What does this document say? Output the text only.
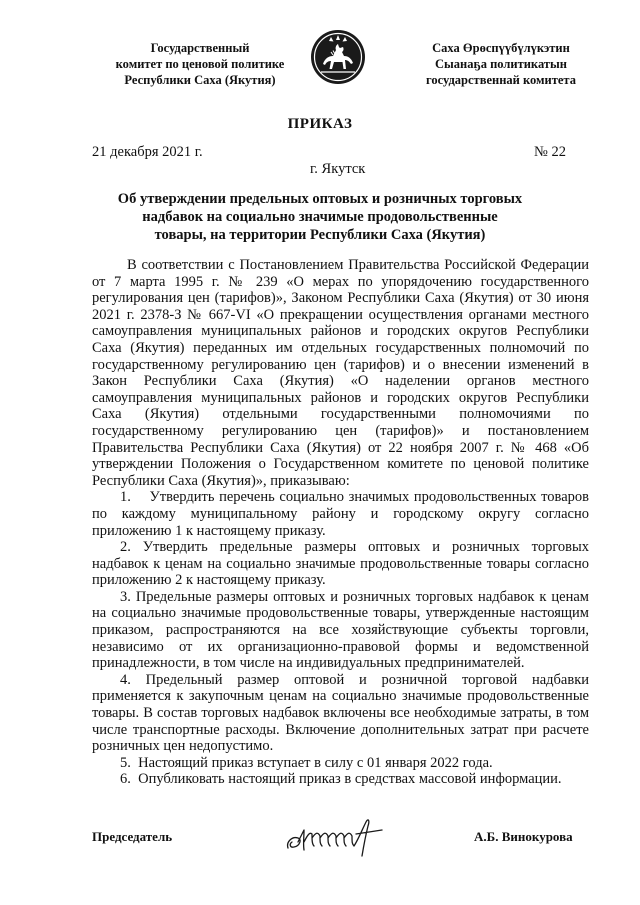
Государственный
комитет по ценовой политике
Республики Саха (Якутия)
Саха Өрөспүүбүлүкэтин
Сыанаҕа политикатын
государственнай комитета
ПРИКАЗ
21 декабря 2021 г.	№ 22
г. Якутск
Об утверждении предельных оптовых и розничных торговых
надбавок на социально значимые продовольственные
товары, на территории Республики Саха (Якутия)

В соответствии с Постановлением Правительства Российской Федерации от 7 марта 1995 г. № 239 «О мерах по упорядочению государственного регулирования цен (тарифов)», Законом Республики Саха (Якутия) от 30 июня 2021 г. 2378-З № 667-VI «О прекращении осуществления органами местного самоуправления муниципальных районов и городских округов Республики Саха (Якутия) переданных им отдельных государственных полномочий по государственному регулированию цен (тарифов) и о внесении изменений в Закон Республики Саха (Якутия) «О наделении органов местного самоуправления муниципальных районов и городских округов Республики Саха (Якутия) отдельными государственными полномочиями по государственному регулированию цен (тарифов)» и постановлением Правительства Республики Саха (Якутия) от 22 ноября 2007 г. № 468 «Об утверждении Положения о Государственном комитете по ценовой политике Республики Саха (Якутия)», приказываю:

1.    Утвердить перечень социально значимых продовольственных товаров по каждому муниципальному району и городскому округу согласно приложению 1 к настоящему приказу.

2. Утвердить предельные размеры оптовых и розничных торговых надбавок к ценам на социально значимые продовольственные товары согласно приложению 2 к настоящему приказу.

3. Предельные размеры оптовых и розничных торговых надбавок к ценам на социально значимые продовольственные товары, утвержденные настоящим приказом, распространяются на все хозяйствующие субъекты торговли, независимо от их организационно-правовой формы и ведомственной принадлежности, в том числе на индивидуальных предпринимателей.

4. Предельный размер оптовой и розничной торговой надбавки применяется к закупочным ценам на социально значимые продовольственные товары. В состав торговых надбавок включены все необходимые затраты, в том числе транспортные расходы. Включение дополнительных затрат при расчете розничных цен недопустимо.

5.  Настоящий приказ вступает в силу с 01 января 2022 года.

6.  Опубликовать настоящий приказ в средствах массовой информации.

Председатель	А.Б. Винокурова
